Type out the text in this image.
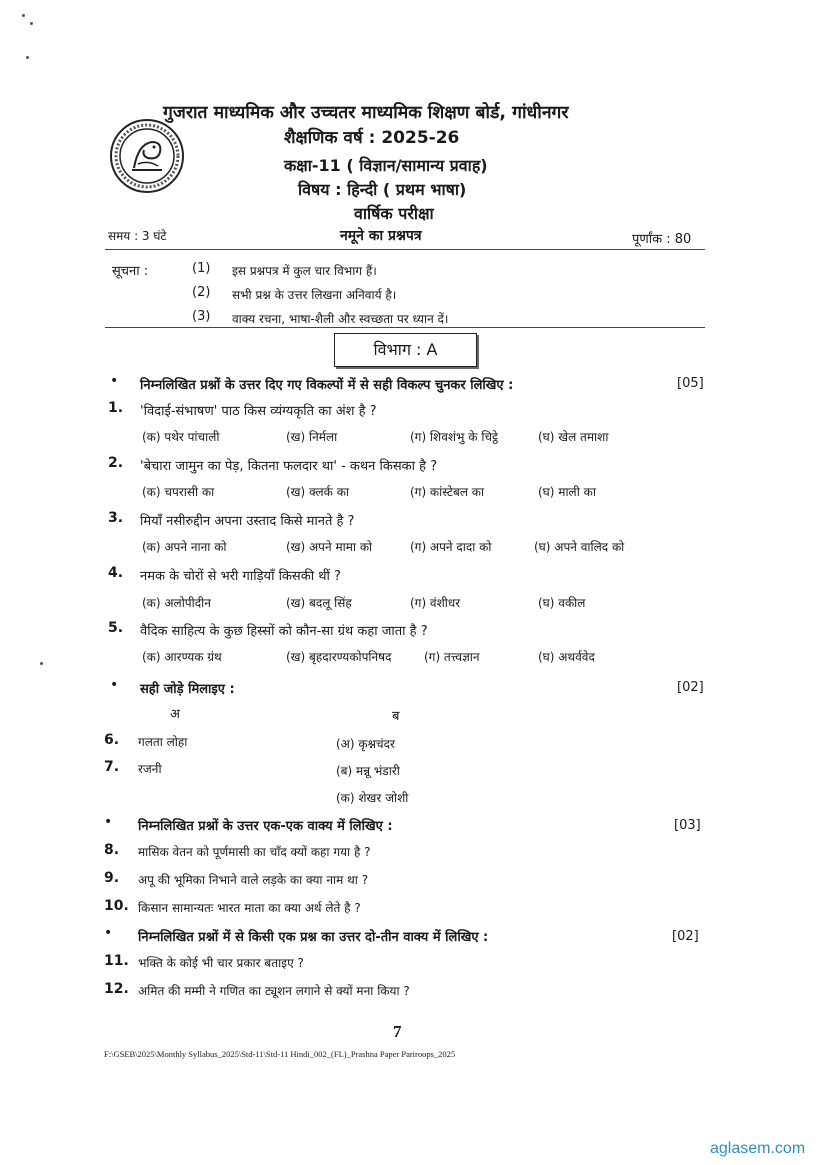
गुजरात माध्यमिक और उच्चतर माध्यमिक शिक्षण बोर्ड, गांधीनगर
शैक्षणिक वर्ष : 2025-26
कक्षा-11 ( विज्ञान/सामान्य प्रवाह)
विषय : हिन्दी ( प्रथम भाषा)
वार्षिक परीक्षा
नमूने का प्रश्नपत्र
समय : 3 घंटे	पूर्णांक : 80
सूचना :	(1) इस प्रश्नपत्र में कुल चार विभाग हैं।
(2) सभी प्रश्न के उत्तर लिखना अनिवार्य है।
(3) वाक्य रचना, भाषा-शैली और स्वच्छता पर ध्यान दें।
विभाग : A
• निम्नलिखित प्रश्नों के उत्तर दिए गए विकल्पों में से सही विकल्प चुनकर लिखिए :	[05]
1. 'विदाई-संभाषण' पाठ किस व्यंग्यकृति का अंश है ?
(क) पथेर पांचाली	(ख) निर्मला	(ग) शिवशंभु के चिट्ठे	(घ) खेल तमाशा
2. 'बेचारा जामुन का पेड़, कितना फलदार था' - कथन किसका है ?
(क) चपरासी का	(ख) क्लर्क का	(ग) कांस्टेबल का	(घ) माली का
3. मियाँ नसीरुद्दीन अपना उस्ताद किसे मानते है ?
(क) अपने नाना को	(ख) अपने मामा को	(ग) अपने दादा को	(घ) अपने वालिद को
4. नमक के चोरों से भरी गाड़ियाँ किसकी थीं ?
(क) अलोपीदीन	(ख) बदलू सिंह	(ग) वंशीधर	(घ) वकील
5. वैदिक साहित्य के कुछ हिस्सों को कौन-सा ग्रंथ कहा जाता है ?
(क) आरण्यक ग्रंथ	(ख) बृहदारण्यकोपनिषद	(ग) तत्त्वज्ञान	(घ) अथर्ववेद
• सही जोड़े मिलाइए :	[02]
अ	ब
6. गलता लोहा	(अ) कृश्नचंदर
7. रजनी	(ब) मन्नू भंडारी
(क) शेखर जोशी
• निम्नलिखित प्रश्नों के उत्तर एक-एक वाक्य में लिखिए :	[03]
8. मासिक वेतन को पूर्णमासी का चाँद क्यों कहा गया है ?
9. अपू की भूमिका निभाने वाले लड़के का क्या नाम था ?
10. किसान सामान्यतः भारत माता का क्या अर्थ लेते है ?
• निम्नलिखित प्रश्नों में से किसी एक प्रश्न का उत्तर दो-तीन वाक्य में लिखिए :	[02]
11. भक्ति के कोई भी चार प्रकार बताइए ?
12. अमित की मम्मी ने गणित का ट्यूशन लगाने से क्यों मना किया ?
7
F:\GSEB\2025\Monthly Syllabus_2025\Std-11\Std-11 Hindi_002_(FL)_Prashna Paper Pariroops_2025
aglasem.com
